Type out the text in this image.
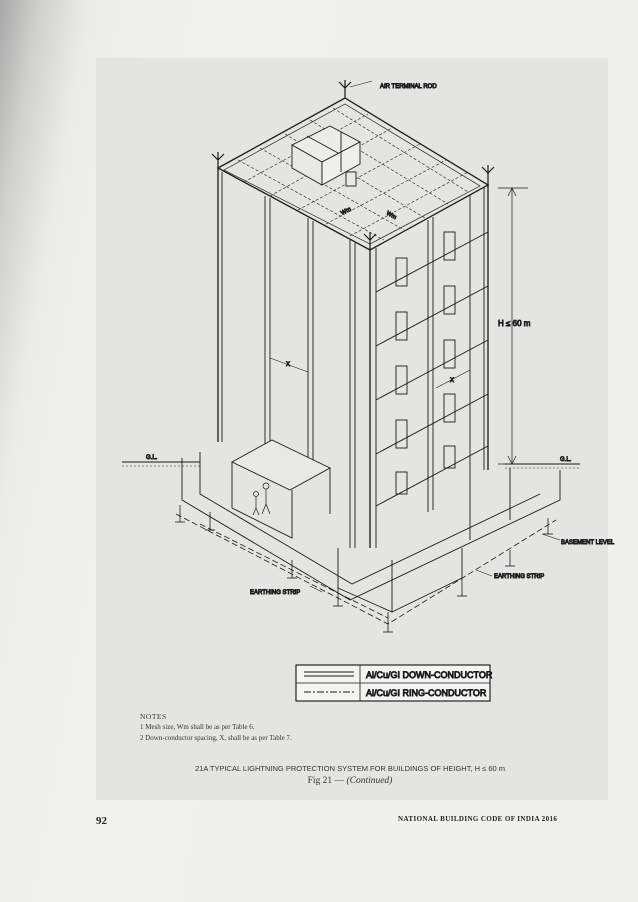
AIR TERMINAL ROD
H ≤ 60 m
G.L.	G.L.
BASEMENT LEVEL
EARTHING STRIP
EARTHING STRIP
Wm	Wm
X
X
Al/Cu/GI DOWN-CONDUCTOR
Al/Cu/GI RING-CONDUCTOR
NOTES
1 Mesh size, Wm shall be as per Table 6.
2 Down-conductor spacing, X, shall be as per Table 7.
21A TYPICAL LIGHTNING PROTECTION SYSTEM FOR BUILDINGS OF HEIGHT, H ≤ 60 m
Fig 21 — (Continued)
92	NATIONAL BUILDING CODE OF INDIA 2016
